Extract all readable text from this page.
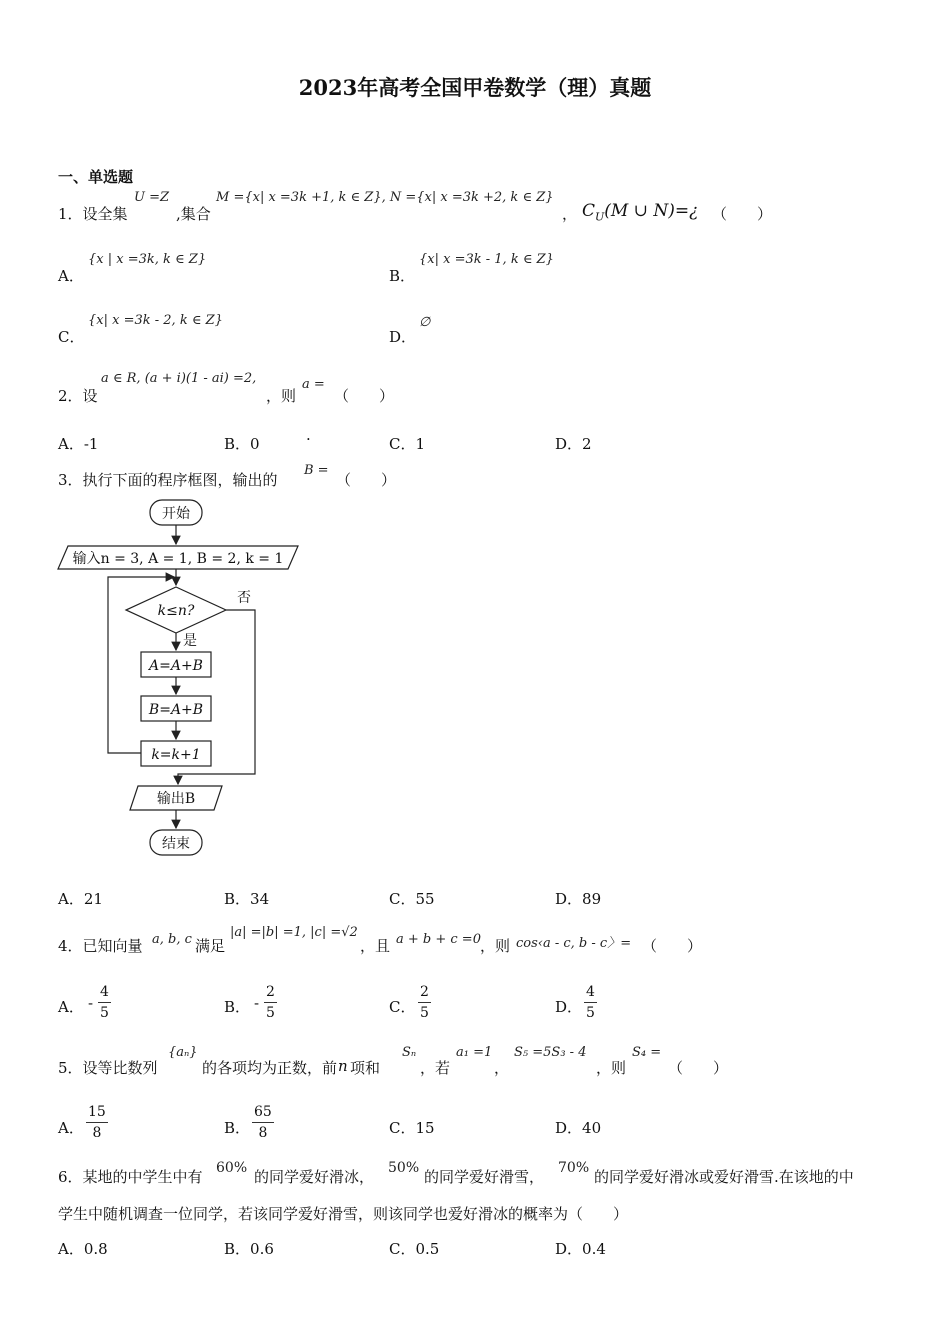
2023年高考全国甲卷数学（理）真题
一、单选题
1．设全集
U =Z
,集合
M ={x| x =3k +1, k ∈ Z}, N ={x| x =3k +2, k ∈ Z}
， $C_U(M$ ∪ N)=¿ （　　）
A．
{x | x =3k, k ∈ Z}
B．
{x| x =3k - 1, k ∈ Z}
C．
{x| x =3k - 2, k ∈ Z}
D．
∅
2．设
a ∈ R, (a + i)(1 - ai) =2,
，则
a =
（　　）
A．-1	B．0	·	C．1	D．2
3．执行下面的程序框图，输出的
B =
（　　）
开始
输入n = 3, A = 1, B = 2, k = 1
k≤n?
否
是
A=A+B
B=A+B
k=k+1
输出B
结束
A．21	B．34	C．55	D．89
4．已知向量 a, b, c 满足
|a| =|b| =1, |c| =√2
，且 a + b + c =0 ，则 cos‹a - c, b - c〉= （　　）
A． - $\frac{4}{5}$	B． - $\frac{2}{5}$	C． $\frac{2}{5}$	D． $\frac{4}{5}$
5．设等比数列
{aₙ}
的各项均为正数，前 n 项和
Sₙ
，若
a₁ =1
，
S₅ =5S₃ - 4
，则
S₄ =
（　　）
A． $\frac{15}{8}$	B． $\frac{65}{8}$	C．15	D．40
6．某地的中学生中有 60% 的同学爱好滑冰， 50% 的同学爱好滑雪， 70% 的同学爱好滑冰或爱好滑雪.在该地的中
学生中随机调查一位同学，若该同学爱好滑雪，则该同学也爱好滑冰的概率为（　　）
A．0.8	B．0.6	C．0.5	D．0.4
